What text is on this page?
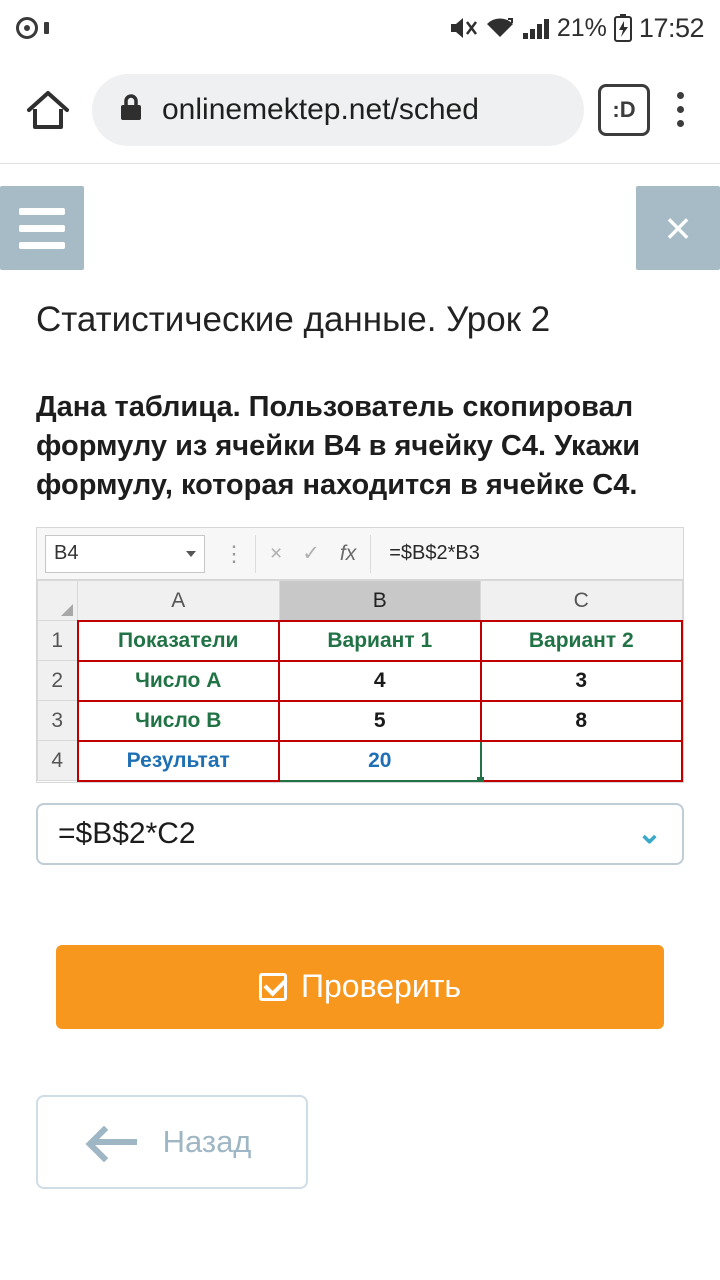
21% 17:52
onlinemektep.net/sched	:D
×
Статистические данные. Урок 2

Дана таблица. Пользователь скопировал формулу из ячейки B4 в ячейку C4. Укажи формулу, которая находится в ячейке C4.

B4	⋮	× ✓ fx	=$B$2*B3
	A	B	C
1	Показатели	Вариант 1	Вариант 2
2	Число A	4	3
3	Число B	5	8
4	Результат	20	
=$B$2*C2	⌄
Проверить
Назад
